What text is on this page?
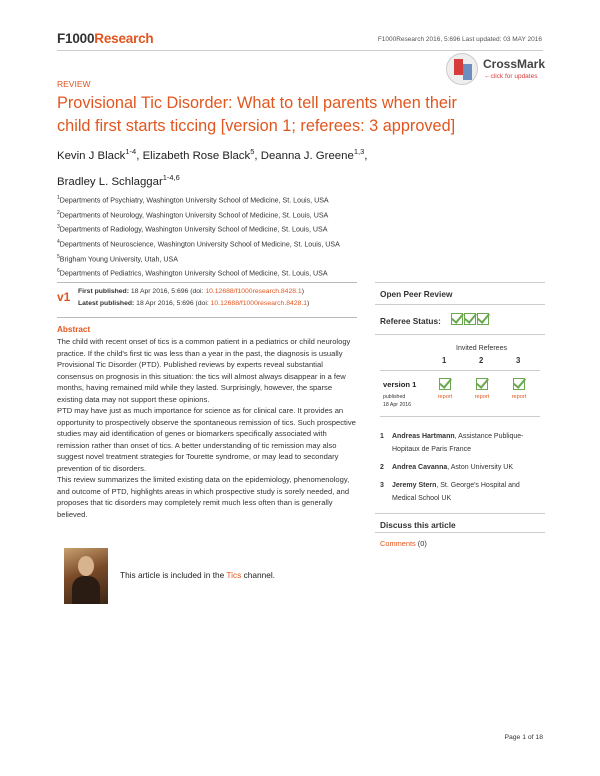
F1000Research	F1000Research 2016, 5:696 Last updated: 03 MAY 2016
CrossMark
←click for updates
REVIEW
Provisional Tic Disorder: What to tell parents when their child first starts ticcing [version 1; referees: 3 approved]
Kevin J Black$^{1-4}$, Elizabeth Rose Black$^5$, Deanna J. Greene$^{1,3}$,
Bradley L. Schlaggar$^{1-4,6}$
$^1$Departments of Psychiatry, Washington University School of Medicine, St. Louis, USA
$^2$Departments of Neurology, Washington University School of Medicine, St. Louis, USA
$^3$Departments of Radiology, Washington University School of Medicine, St. Louis, USA
$^4$Departments of Neuroscience, Washington University School of Medicine, St. Louis, USA
$^5$Brigham Young University, Utah, USA
$^6$Departments of Pediatrics, Washington University School of Medicine, St. Louis, USA
v1 First published: 18 Apr 2016, 5:696 (doi: 10.12688/f1000research.8428.1)
Latest published: 18 Apr 2016, 5:696 (doi: 10.12688/f1000research.8428.1)
Abstract

The child with recent onset of tics is a common patient in a pediatrics or child neurology practice. If the child's first tic was less than a year in the past, the diagnosis is usually Provisional Tic Disorder (PTD). Published reviews by experts reveal substantial consensus on prognosis in this situation: the tics will almost always disappear in a few months, having remained mild while they lasted. Surprisingly, however, the sparse existing data may not support these opinions.

PTD may have just as much importance for science as for clinical care. It provides an opportunity to prospectively observe the spontaneous remission of tics. Such prospective studies may aid identification of genes or biomarkers specifically associated with remission rather than onset of tics. A better understanding of tic remission may also suggest novel treatment strategies for Tourette syndrome, or may lead to secondary prevention of tic disorders.

This review summarizes the limited existing data on the epidemiology, phenomenology, and outcome of PTD, highlights areas in which prospective study is sorely needed, and proposes that tic disorders may completely remit much less often than is generally believed.

This article is included in the Tics channel.
Open Peer Review
Referee Status:
Invited Referees
1	2	3
version 1
published
18 Apr 2016
report	report	report
1 Andreas Hartmann, Assistance Publique-Hopitaux de Paris France
2 Andrea Cavanna, Aston University UK
3 Jeremy Stern, St. George's Hospital and Medical School UK
Discuss this article
Comments (0)
Page 1 of 18
